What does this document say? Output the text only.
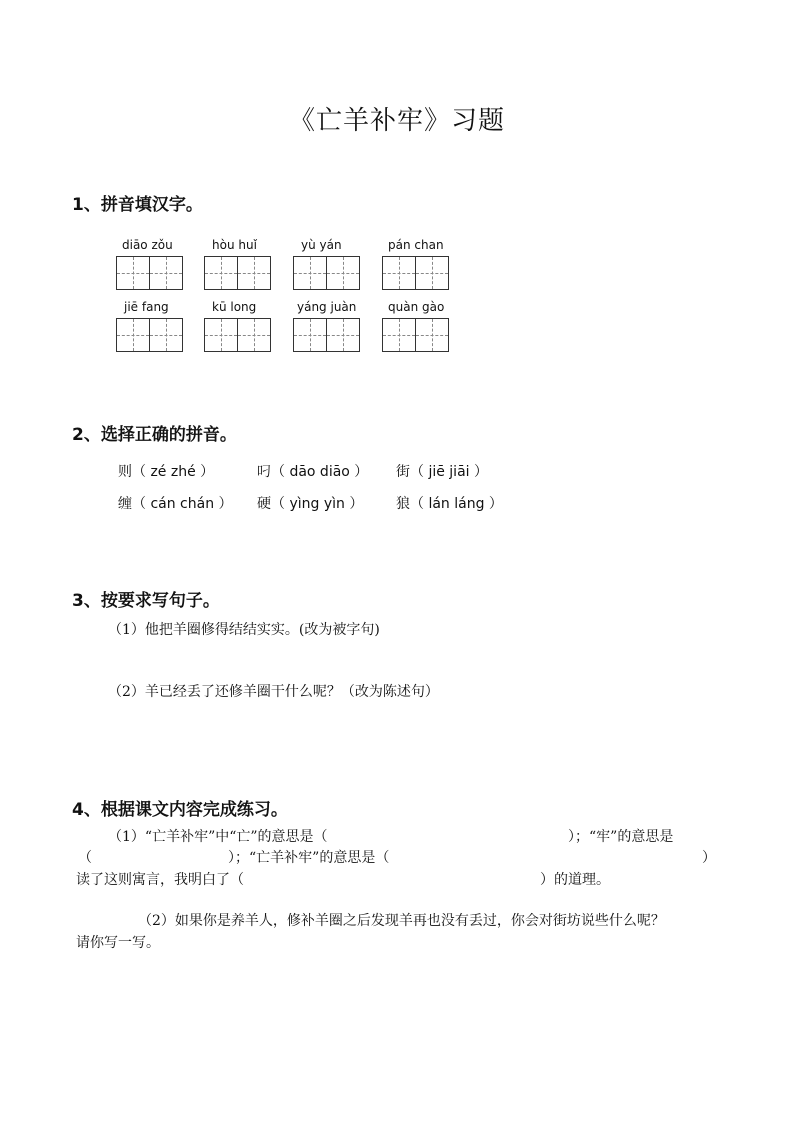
《亡羊补牢》习题
1、拼音填汉字。
diāo zǒu	hòu huǐ	yù yán	pán chan
jiē fang	kū long	yáng juàn	quàn gào
2、选择正确的拼音。
则（ zé zhé ）	叼（ dāo diāo ） 街（ jiē jiāi ）
缠（ cán chán ） 硬（ yìng yìn ） 狼（ lán láng ）
3、按要求写句子。
（1）他把羊圈修得结结实实。(改为被字句)
（2）羊已经丢了还修羊圈干什么呢？（改为陈述句）
4、根据课文内容完成练习。
（1）“亡羊补牢”中“亡”的意思是（	）；“牢”的意思是
（	）；“亡羊补牢”的意思是（	）
读了这则寓言，我明白了（	）的道理。
（2）如果你是养羊人，修补羊圈之后发现羊再也没有丢过，你会对街坊说些什么呢？
请你写一写。
